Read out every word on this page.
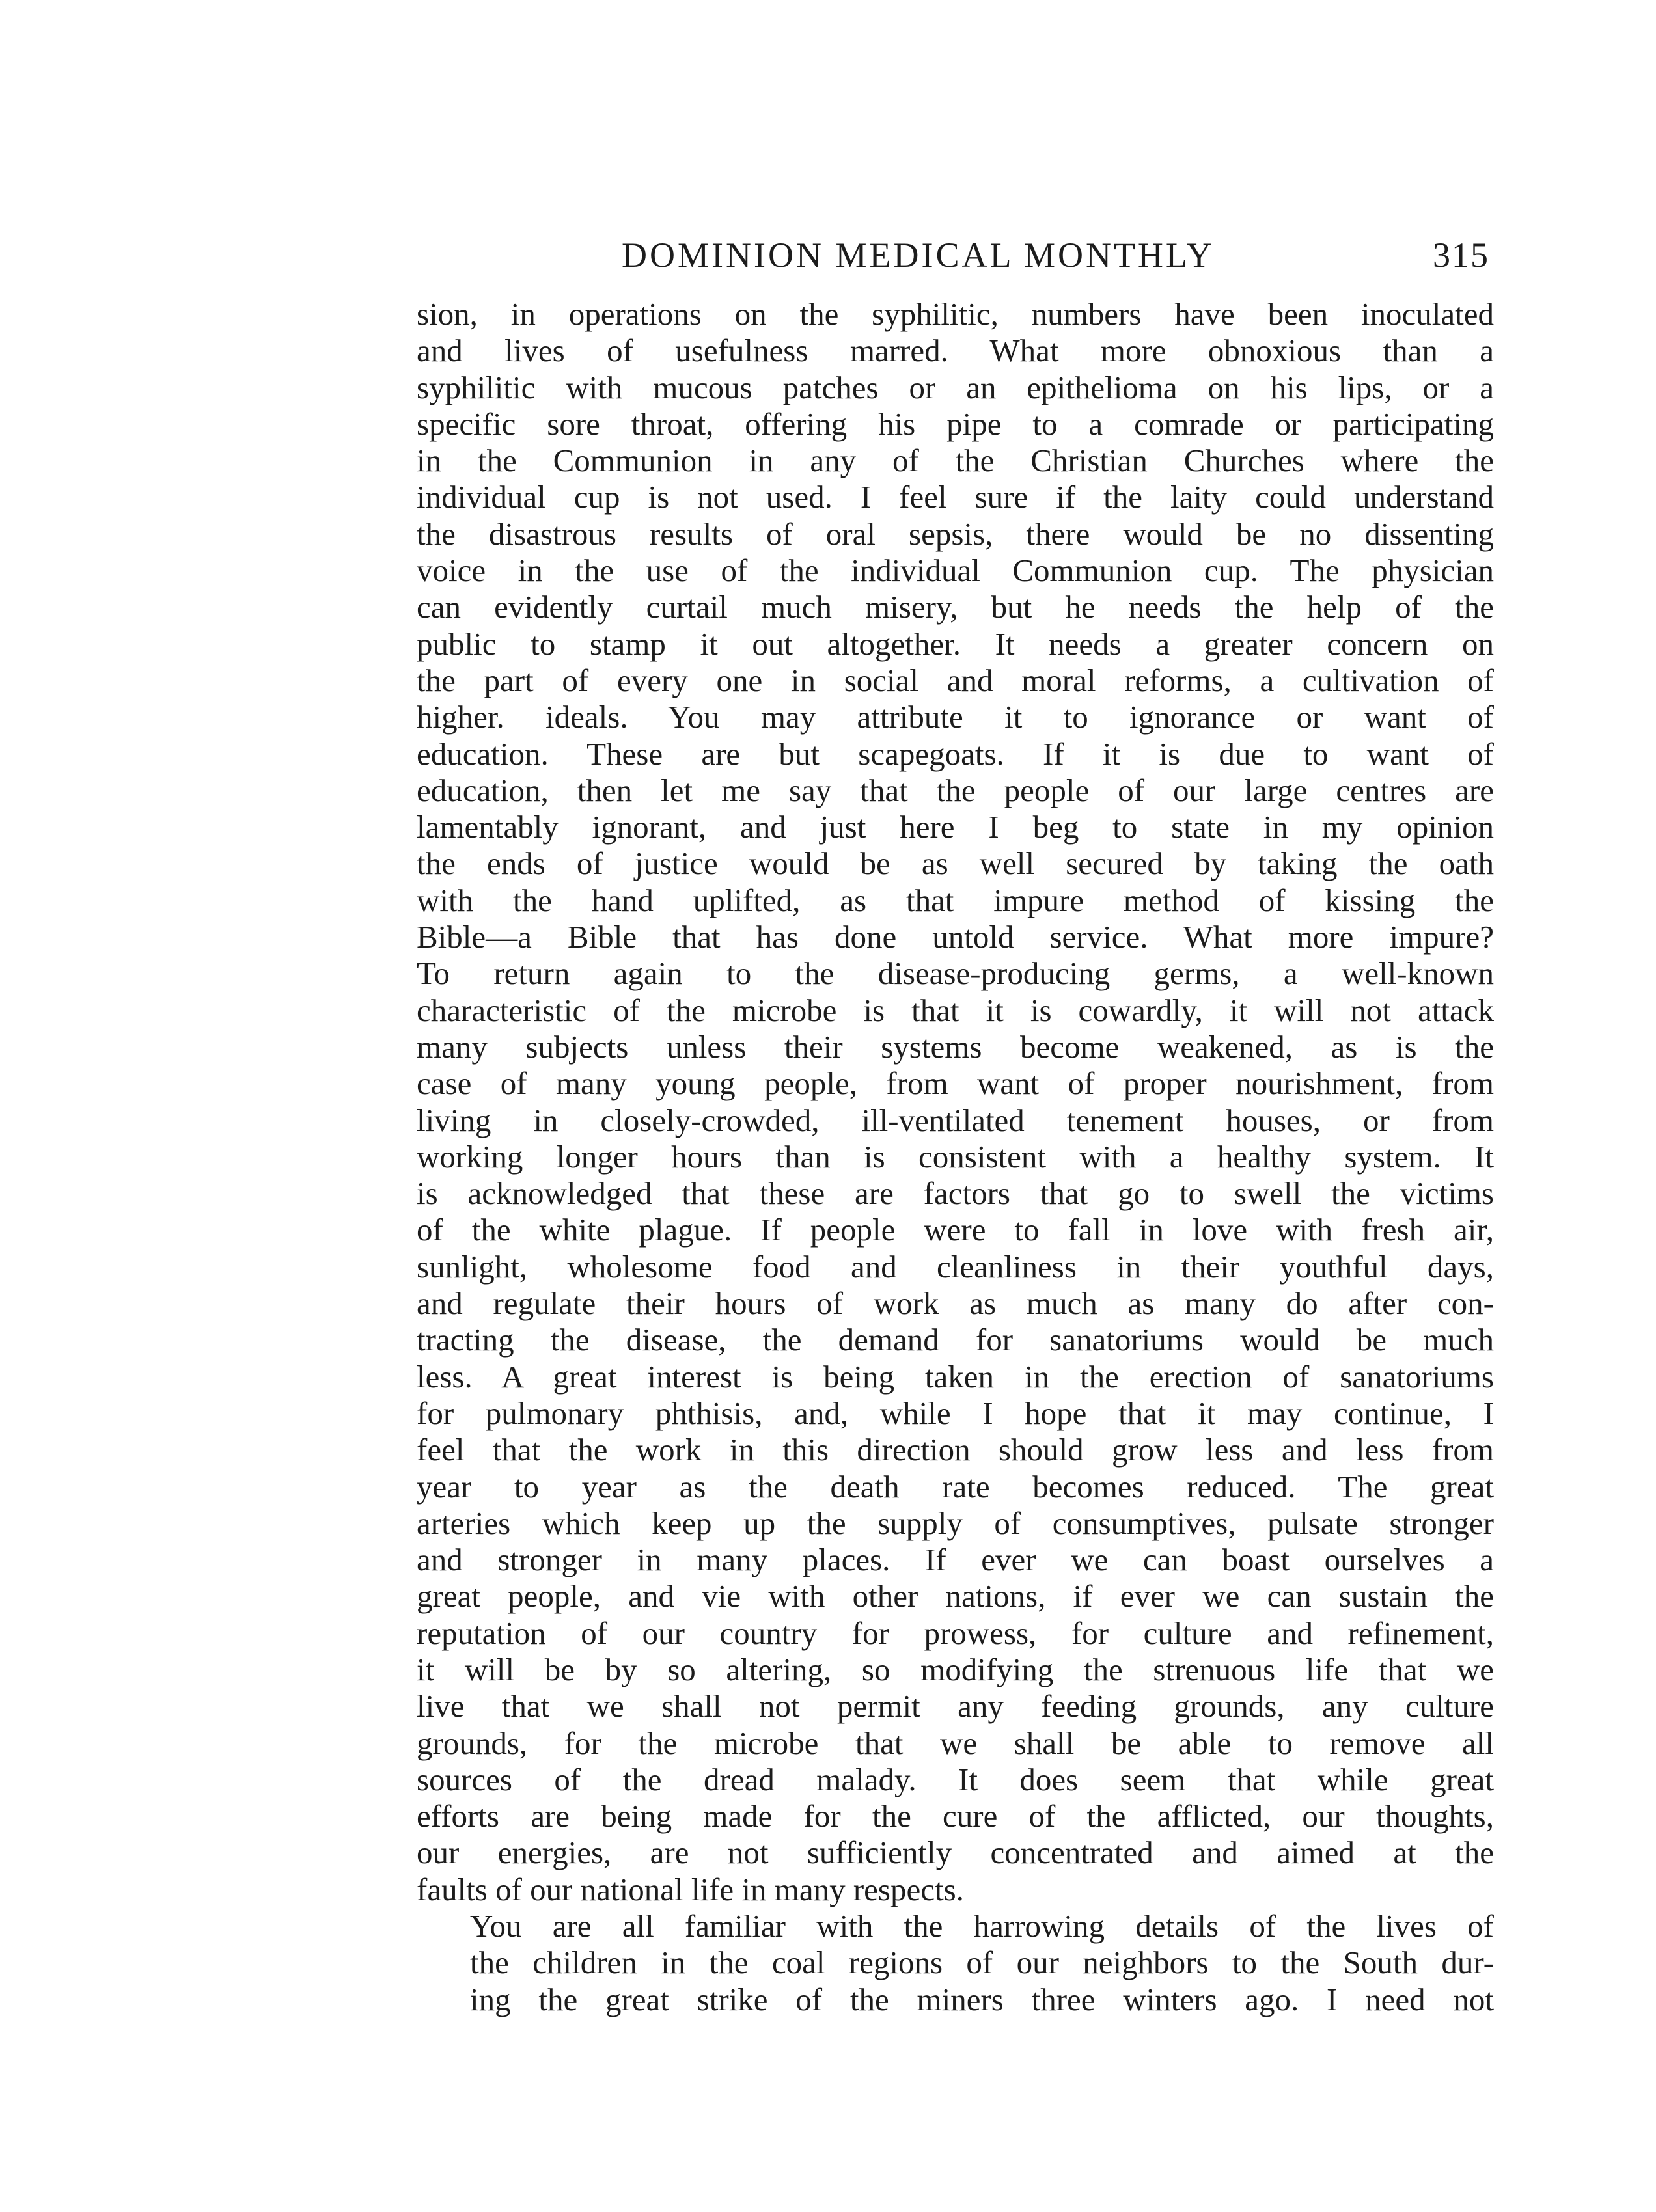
DOMINION MEDICAL MONTHLY	315
sion, in operations on the syphilitic, numbers have been inoculated
and lives of usefulness marred. What more obnoxious than a
syphilitic with mucous patches or an epithelioma on his lips, or a
specific sore throat, offering his pipe to a comrade or participating
in the Communion in any of the Christian Churches where the
individual cup is not used. I feel sure if the laity could understand
the disastrous results of oral sepsis, there would be no dissenting
voice in the use of the individual Communion cup. The physician
can evidently curtail much misery, but he needs the help of the
public to stamp it out altogether. It needs a greater concern on
the part of every one in social and moral reforms, a cultivation of
higher. ideals. You may attribute it to ignorance or want of
education. These are but scapegoats. If it is due to want of
education, then let me say that the people of our large centres are
lamentably ignorant, and just here I beg to state in my opinion
the ends of justice would be as well secured by taking the oath
with the hand uplifted, as that impure method of kissing the
Bible—a Bible that has done untold service. What more impure?
To return again to the disease-producing germs, a well-known
characteristic of the microbe is that it is cowardly, it will not attack
many subjects unless their systems become weakened, as is the
case of many young people, from want of proper nourishment, from
living in closely-crowded, ill-ventilated tenement houses, or from
working longer hours than is consistent with a healthy system. It
is acknowledged that these are factors that go to swell the victims
of the white plague. If people were to fall in love with fresh air,
sunlight, wholesome food and cleanliness in their youthful days,
and regulate their hours of work as much as many do after con-
tracting the disease, the demand for sanatoriums would be much
less. A great interest is being taken in the erection of sanatoriums
for pulmonary phthisis, and, while I hope that it may continue, I
feel that the work in this direction should grow less and less from
year to year as the death rate becomes reduced. The great
arteries which keep up the supply of consumptives, pulsate stronger
and stronger in many places. If ever we can boast ourselves a
great people, and vie with other nations, if ever we can sustain the
reputation of our country for prowess, for culture and refinement,
it will be by so altering, so modifying the strenuous life that we
live that we shall not permit any feeding grounds, any culture
grounds, for the microbe that we shall be able to remove all
sources of the dread malady. It does seem that while great
efforts are being made for the cure of the afflicted, our thoughts,
our energies, are not sufficiently concentrated and aimed at the
faults of our national life in many respects.
You are all familiar with the harrowing details of the lives of
the children in the coal regions of our neighbors to the South dur-
ing the great strike of the miners three winters ago. I need not
